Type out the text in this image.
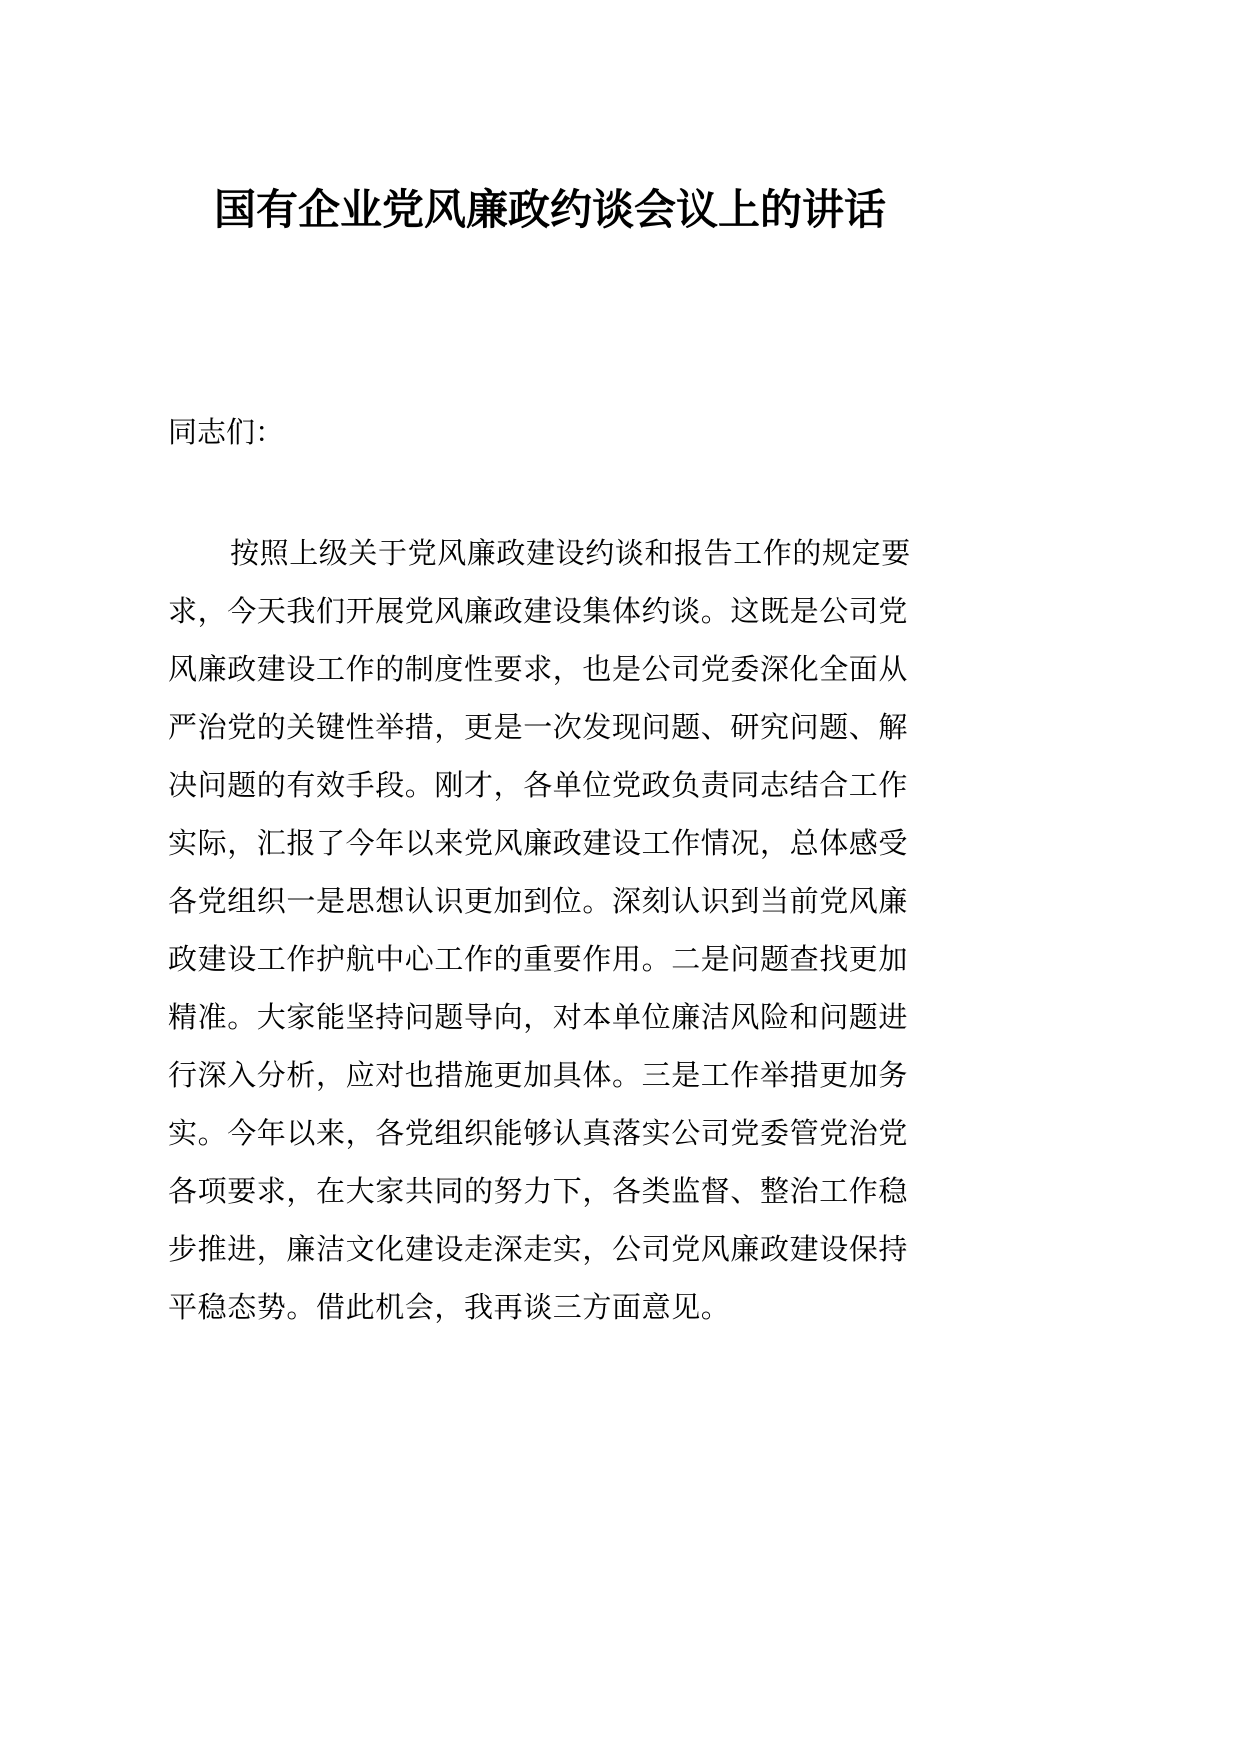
国有企业党风廉政约谈会议上的讲话
同志们：
按照上级关于党风廉政建设约谈和报告工作的规定要
求，今天我们开展党风廉政建设集体约谈。这既是公司党
风廉政建设工作的制度性要求，也是公司党委深化全面从
严治党的关键性举措，更是一次发现问题、研究问题、解
决问题的有效手段。刚才，各单位党政负责同志结合工作
实际，汇报了今年以来党风廉政建设工作情况，总体感受
各党组织一是思想认识更加到位。深刻认识到当前党风廉
政建设工作护航中心工作的重要作用。二是问题查找更加
精准。大家能坚持问题导向，对本单位廉洁风险和问题进
行深入分析，应对也措施更加具体。三是工作举措更加务
实。今年以来，各党组织能够认真落实公司党委管党治党
各项要求，在大家共同的努力下，各类监督、整治工作稳
步推进，廉洁文化建设走深走实，公司党风廉政建设保持
平稳态势。借此机会，我再谈三方面意见。
